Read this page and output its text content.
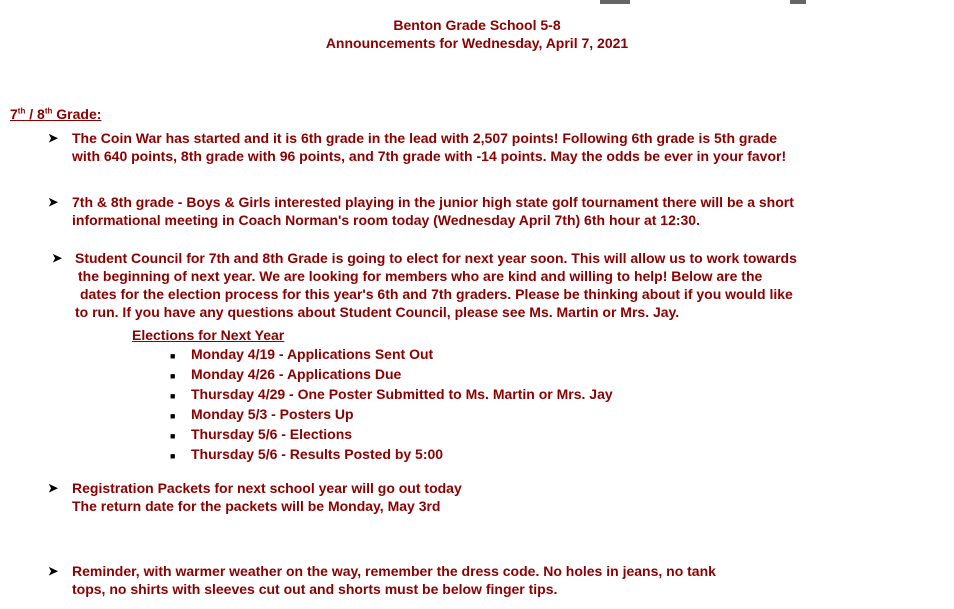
Benton Grade School 5-8
Announcements for Wednesday, April 7, 2021
7th / 8th Grade:
➤ The Coin War has started and it is 6th grade in the lead with 2,507 points! Following 6th grade is 5th grade
with 640 points, 8th grade with 96 points, and 7th grade with -14 points. May the odds be ever in your favor!
➤ 7th & 8th grade - Boys & Girls interested playing in the junior high state golf tournament there will be a short
informational meeting in Coach Norman's room today (Wednesday April 7th) 6th hour at 12:30.
➤ Student Council for 7th and 8th Grade is going to elect for next year soon. This will allow us to work towards
the beginning of next year. We are looking for members who are kind and willing to help! Below are the
dates for the election process for this year's 6th and 7th graders. Please be thinking about if you would like
to run. If you have any questions about Student Council, please see Ms. Martin or Mrs. Jay.
Elections for Next Year
■ Monday 4/19 - Applications Sent Out
■ Monday 4/26 - Applications Due
■ Thursday 4/29 - One Poster Submitted to Ms. Martin or Mrs. Jay
■ Monday 5/3 - Posters Up
■ Thursday 5/6 - Elections
■ Thursday 5/6 - Results Posted by 5:00
➤ Registration Packets for next school year will go out today
The return date for the packets will be Monday, May 3rd
➤ Reminder, with warmer weather on the way, remember the dress code. No holes in jeans, no tank
tops, no shirts with sleeves cut out and shorts must be below finger tips.
